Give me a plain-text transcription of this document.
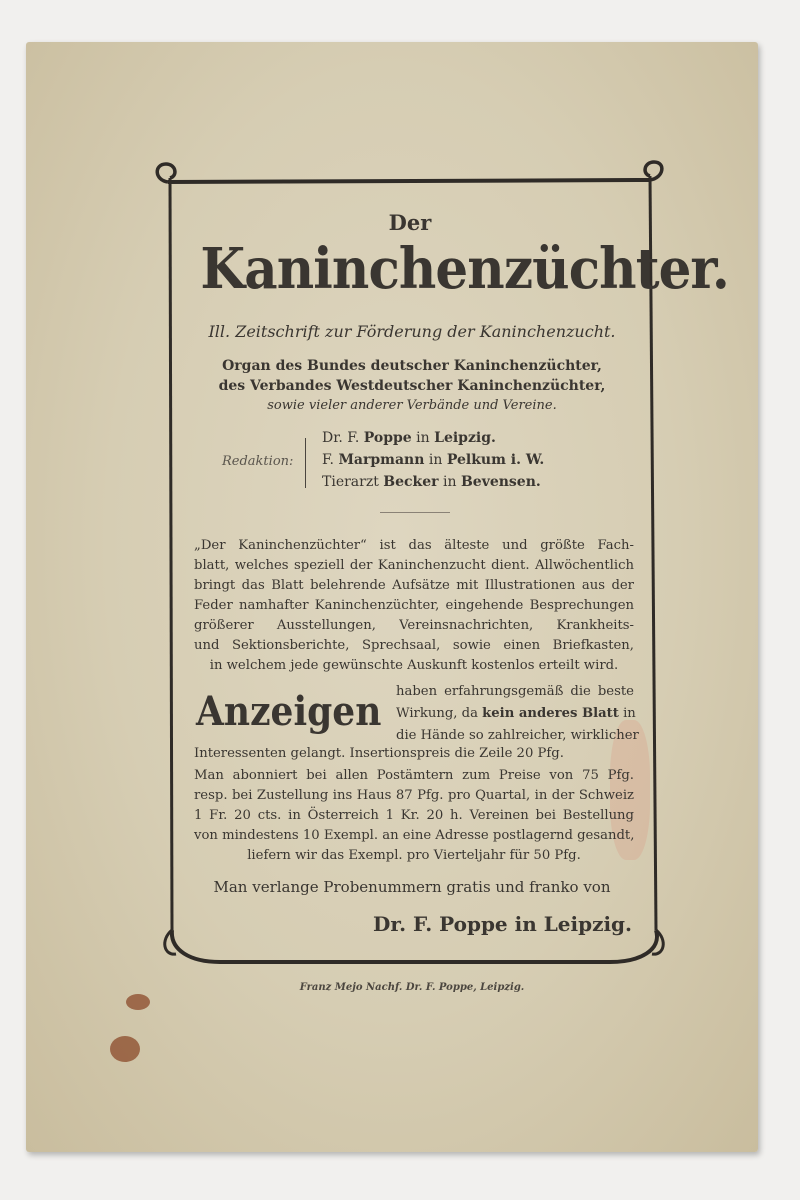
Der
Kaninchenzüchter.
Ill. Zeitschrift zur Förderung der Kaninchenzucht.
Organ des Bundes deutscher Kaninchenzüchter,
des Verbandes Westdeutscher Kaninchenzüchter,
sowie vieler anderer Verbände und Vereine.
Redaktion:
Dr. F. Poppe in Leipzig.
F. Marpmann in Pelkum i. W.
Tierarzt Becker in Bevensen.
„Der Kaninchenzüchter“ ist das älteste und größte Fach-
blatt, welches speziell der Kaninchenzucht dient. Allwöchentlich
bringt das Blatt belehrende Aufsätze mit Illustrationen aus der
Feder namhafter Kaninchenzüchter, eingehende Besprechungen
größerer Ausstellungen, Vereinsnachrichten, Krankheits-
und Sektionsberichte, Sprechsaal, sowie einen Briefkasten,
in welchem jede gewünschte Auskunft kostenlos erteilt wird.
Anzeigen haben erfahrungsgemäß die beste
Wirkung, da kein anderes Blatt in
die Hände so zahlreicher, wirklicher
Interessenten gelangt. Insertionspreis die Zeile 20 Pfg.
Man abonniert bei allen Postämtern zum Preise von 75 Pfg.
resp. bei Zustellung ins Haus 87 Pfg. pro Quartal, in der Schweiz
1 Fr. 20 cts. in Österreich 1 Kr. 20 h. Vereinen bei Bestellung
von mindestens 10 Exempl. an eine Adresse postlagernd gesandt,
liefern wir das Exempl. pro Vierteljahr für 50 Pfg.
Man verlange Probenummern gratis und franko von
Dr. F. Poppe in Leipzig.
Franz Mejo Nachf. Dr. F. Poppe, Leipzig.
